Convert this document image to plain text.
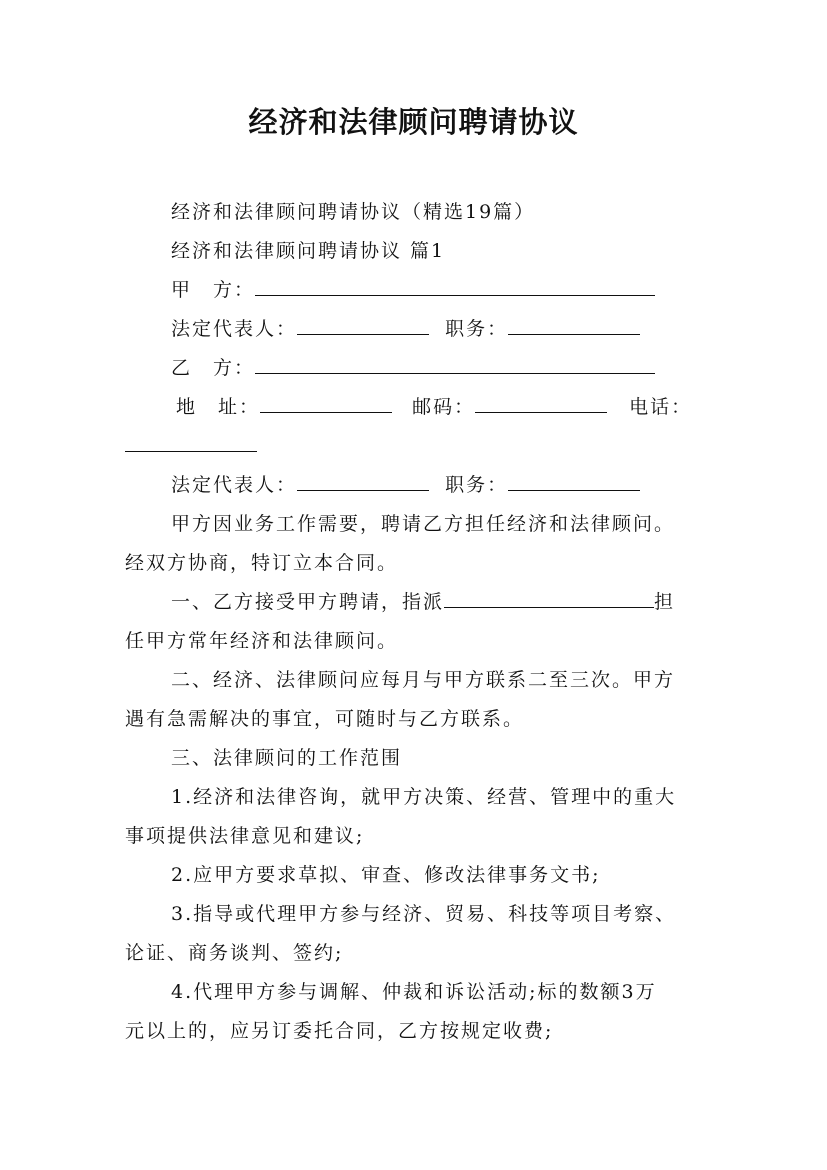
经济和法律顾问聘请协议
经济和法律顾问聘请协议（精选19篇）
经济和法律顾问聘请协议 篇1
甲　方：
法定代表人：	职务：
乙　方：
地　址：	邮码：	电话：
法定代表人：	职务：
甲方因业务工作需要，聘请乙方担任经济和法律顾问。
经双方协商，特订立本合同。
一、乙方接受甲方聘请，指派	担
任甲方常年经济和法律顾问。
二、经济、法律顾问应每月与甲方联系二至三次。甲方
遇有急需解决的事宜，可随时与乙方联系。
三、法律顾问的工作范围
1.经济和法律咨询，就甲方决策、经营、管理中的重大
事项提供法律意见和建议;
2.应甲方要求草拟、审查、修改法律事务文书;
3.指导或代理甲方参与经济、贸易、科技等项目考察、
论证、商务谈判、签约;
4.代理甲方参与调解、仲裁和诉讼活动;标的数额3万
元以上的，应另订委托合同，乙方按规定收费;
